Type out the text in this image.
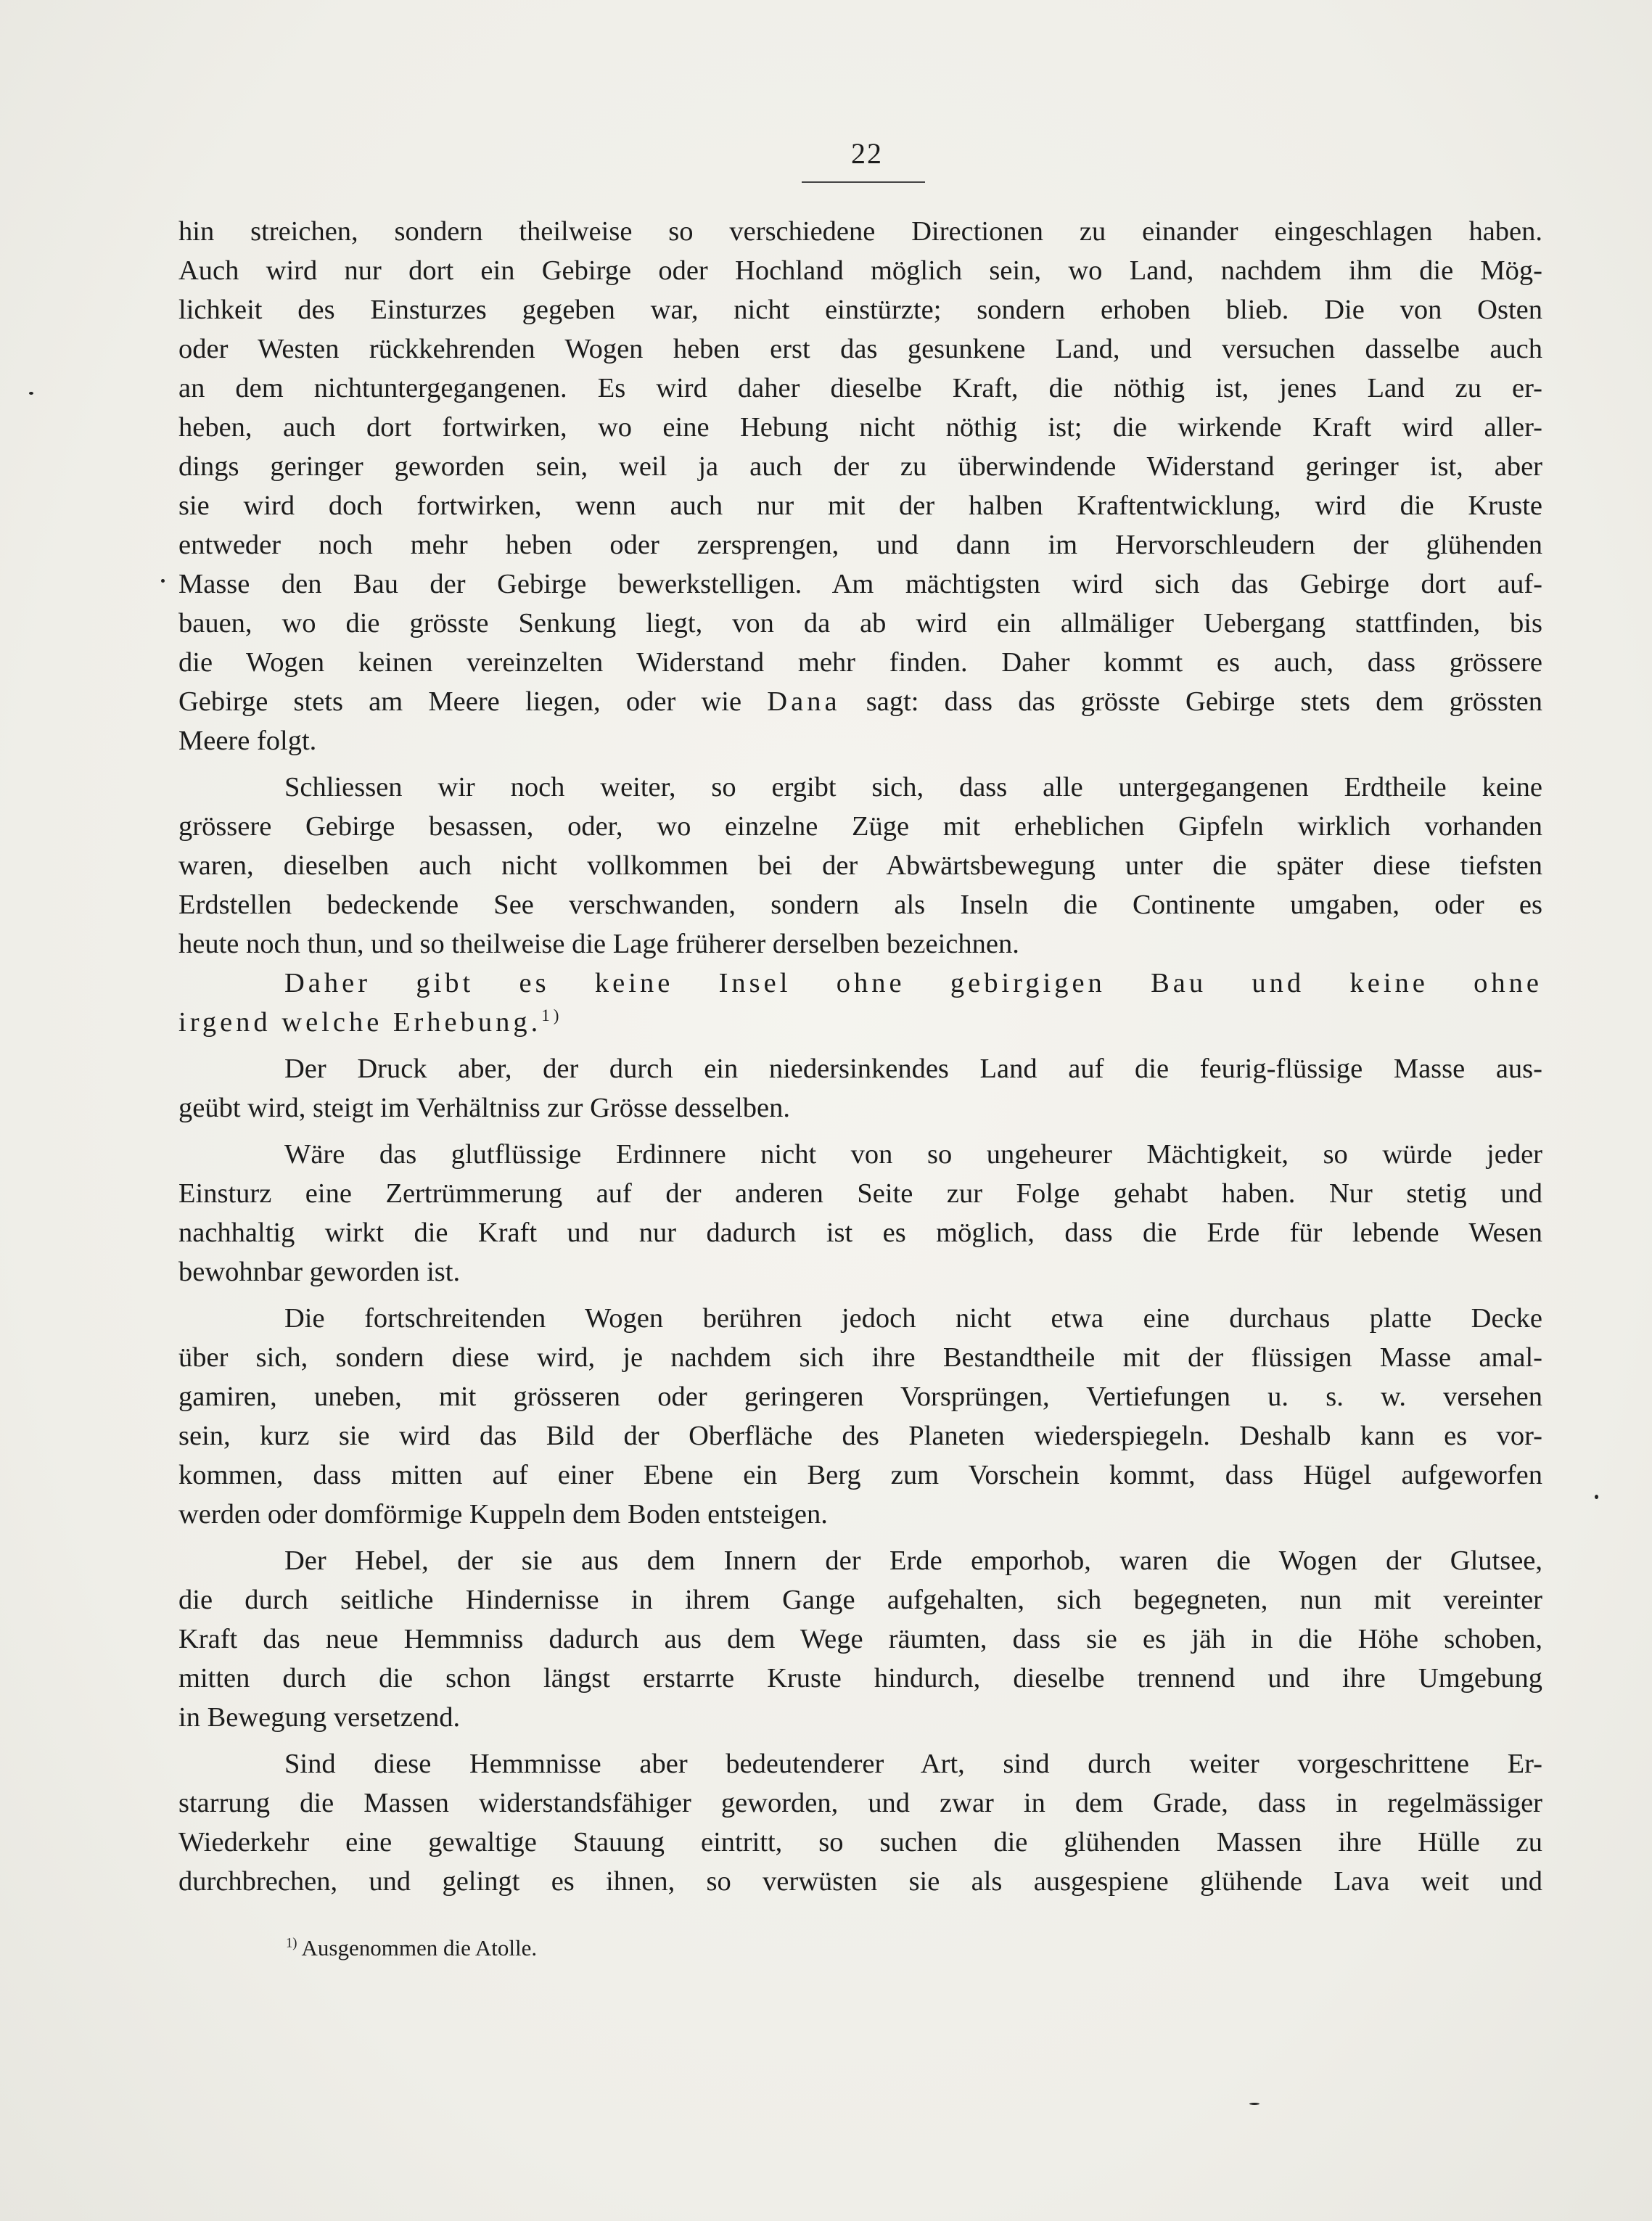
22
hin streichen, sondern theilweise so verschiedene Directionen zu einander eingeschlagen haben.
Auch wird nur dort ein Gebirge oder Hochland möglich sein, wo Land, nachdem ihm die Mög-
lichkeit des Einsturzes gegeben war, nicht einstürzte; sondern erhoben blieb. Die von Osten
oder Westen rückkehrenden Wogen heben erst das gesunkene Land, und versuchen dasselbe auch
an dem nichtuntergegangenen. Es wird daher dieselbe Kraft, die nöthig ist, jenes Land zu er-
heben, auch dort fortwirken, wo eine Hebung nicht nöthig ist; die wirkende Kraft wird aller-
dings geringer geworden sein, weil ja auch der zu überwindende Widerstand geringer ist, aber
sie wird doch fortwirken, wenn auch nur mit der halben Kraftentwicklung, wird die Kruste
entweder noch mehr heben oder zersprengen, und dann im Hervorschleudern der glühenden
Masse den Bau der Gebirge bewerkstelligen. Am mächtigsten wird sich das Gebirge dort auf-
bauen, wo die grösste Senkung liegt, von da ab wird ein allmäliger Uebergang stattfinden, bis
die Wogen keinen vereinzelten Widerstand mehr finden. Daher kommt es auch, dass grössere
Gebirge stets am Meere liegen, oder wie Dana sagt: dass das grösste Gebirge stets dem grössten
Meere folgt.
Schliessen wir noch weiter, so ergibt sich, dass alle untergegangenen Erdtheile keine
grössere Gebirge besassen, oder, wo einzelne Züge mit erheblichen Gipfeln wirklich vorhanden
waren, dieselben auch nicht vollkommen bei der Abwärtsbewegung unter die später diese tiefsten
Erdstellen bedeckende See verschwanden, sondern als Inseln die Continente umgaben, oder es
heute noch thun, und so theilweise die Lage früherer derselben bezeichnen.
Daher gibt es keine Insel ohne gebirgigen Bau und keine ohne
irgend welche Erhebung.$^{1)}$
Der Druck aber, der durch ein niedersinkendes Land auf die feurig-flüssige Masse aus-
geübt wird, steigt im Verhältniss zur Grösse desselben.
Wäre das glutflüssige Erdinnere nicht von so ungeheurer Mächtigkeit, so würde jeder
Einsturz eine Zertrümmerung auf der anderen Seite zur Folge gehabt haben. Nur stetig und
nachhaltig wirkt die Kraft und nur dadurch ist es möglich, dass die Erde für lebende Wesen
bewohnbar geworden ist.
Die fortschreitenden Wogen berühren jedoch nicht etwa eine durchaus platte Decke
über sich, sondern diese wird, je nachdem sich ihre Bestandtheile mit der flüssigen Masse amal-
gamiren, uneben, mit grösseren oder geringeren Vorsprüngen, Vertiefungen u. s. w. versehen
sein, kurz sie wird das Bild der Oberfläche des Planeten wiederspiegeln. Deshalb kann es vor-
kommen, dass mitten auf einer Ebene ein Berg zum Vorschein kommt, dass Hügel aufgeworfen
werden oder domförmige Kuppeln dem Boden entsteigen.
Der Hebel, der sie aus dem Innern der Erde emporhob, waren die Wogen der Glutsee,
die durch seitliche Hindernisse in ihrem Gange aufgehalten, sich begegneten, nun mit vereinter
Kraft das neue Hemmniss dadurch aus dem Wege räumten, dass sie es jäh in die Höhe schoben,
mitten durch die schon längst erstarrte Kruste hindurch, dieselbe trennend und ihre Umgebung
in Bewegung versetzend.
Sind diese Hemmnisse aber bedeutenderer Art, sind durch weiter vorgeschrittene Er-
starrung die Massen widerstandsfähiger geworden, und zwar in dem Grade, dass in regelmässiger
Wiederkehr eine gewaltige Stauung eintritt, so suchen die glühenden Massen ihre Hülle zu
durchbrechen, und gelingt es ihnen, so verwüsten sie als ausgespiene glühende Lava weit und
$^{1)}$ Ausgenommen die Atolle.
